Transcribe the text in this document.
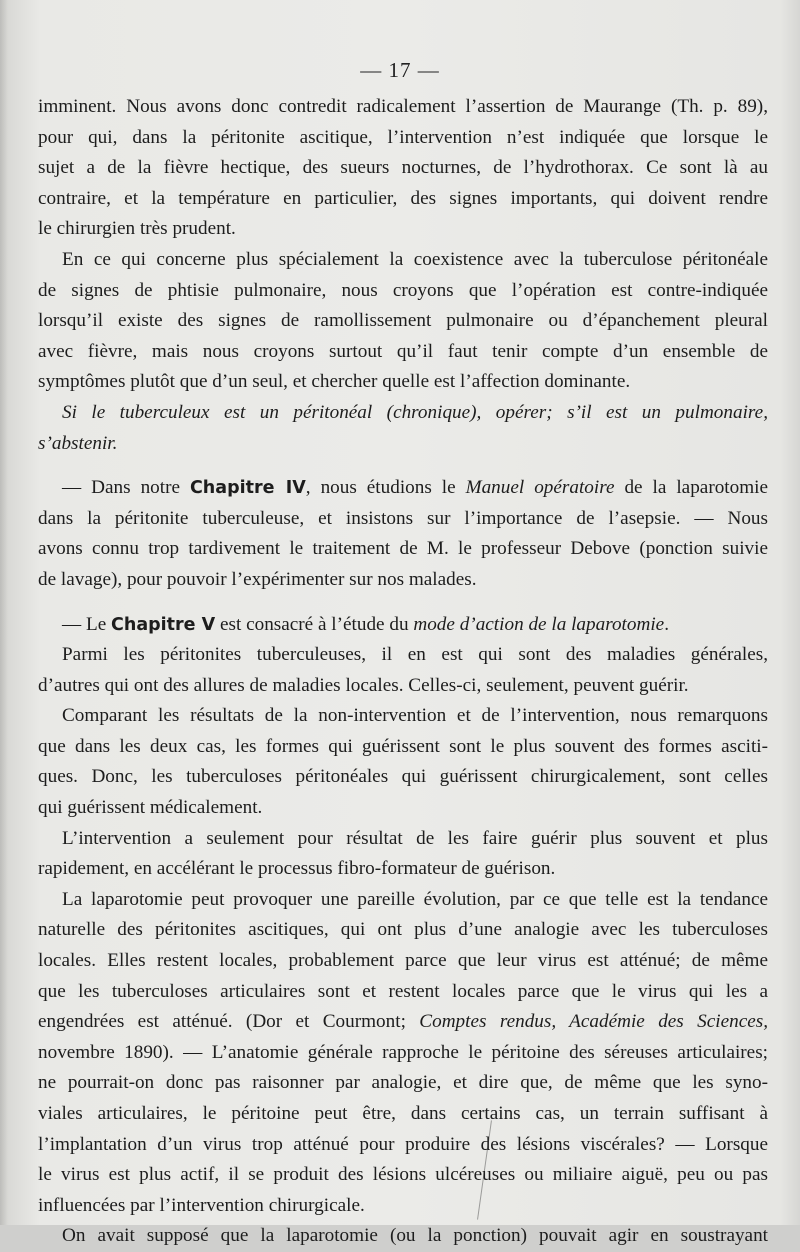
— 17 —
imminent. Nous avons donc contredit radicalement l’assertion de Maurange (Th. p. 89),
pour qui, dans la péritonite ascitique, l’intervention n’est indiquée que lorsque le
sujet a de la fièvre hectique, des sueurs nocturnes, de l’hydrothorax. Ce sont là au
contraire, et la température en particulier, des signes importants, qui doivent rendre
le chirurgien très prudent.
En ce qui concerne plus spécialement la coexistence avec la tuberculose péritonéale
de signes de phtisie pulmonaire, nous croyons que l’opération est contre-indiquée
lorsqu’il existe des signes de ramollissement pulmonaire ou d’épanchement pleural
avec fièvre, mais nous croyons surtout qu’il faut tenir compte d’un ensemble de
symptômes plutôt que d’un seul, et chercher quelle est l’affection dominante.
Si le tuberculeux est un péritonéal (chronique), opérer; s’il est un pulmonaire,
s’abstenir.
— Dans notre Chapitre IV, nous étudions le Manuel opératoire de la laparotomie
dans la péritonite tuberculeuse, et insistons sur l’importance de l’asepsie. — Nous
avons connu trop tardivement le traitement de M. le professeur Debove (ponction suivie
de lavage), pour pouvoir l’expérimenter sur nos malades.
— Le Chapitre V est consacré à l’étude du mode d’action de la laparotomie.
Parmi les péritonites tuberculeuses, il en est qui sont des maladies générales,
d’autres qui ont des allures de maladies locales. Celles-ci, seulement, peuvent guérir.
Comparant les résultats de la non-intervention et de l’intervention, nous remarquons
que dans les deux cas, les formes qui guérissent sont le plus souvent des formes asciti-
ques. Donc, les tuberculoses péritonéales qui guérissent chirurgicalement, sont celles
qui guérissent médicalement.
L’intervention a seulement pour résultat de les faire guérir plus souvent et plus
rapidement, en accélérant le processus fibro-formateur de guérison.
La laparotomie peut provoquer une pareille évolution, par ce que telle est la tendance
naturelle des péritonites ascitiques, qui ont plus d’une analogie avec les tuberculoses
locales. Elles restent locales, probablement parce que leur virus est atténué; de même
que les tuberculoses articulaires sont et restent locales parce que le virus qui les a
engendrées est atténué. (Dor et Courmont; Comptes rendus, Académie des Sciences,
novembre 1890). — L’anatomie générale rapproche le péritoine des séreuses articulaires;
ne pourrait-on donc pas raisonner par analogie, et dire que, de même que les syno-
viales articulaires, le péritoine peut être, dans certains cas, un terrain suffisant à
l’implantation d’un virus trop atténué pour produire des lésions viscérales? — Lorsque
le virus est plus actif, il se produit des lésions ulcéreuses ou miliaire aiguë, peu ou pas
influencées par l’intervention chirurgicale.
On avait supposé que la laparotomie (ou la ponction) pouvait agir en soustrayant
